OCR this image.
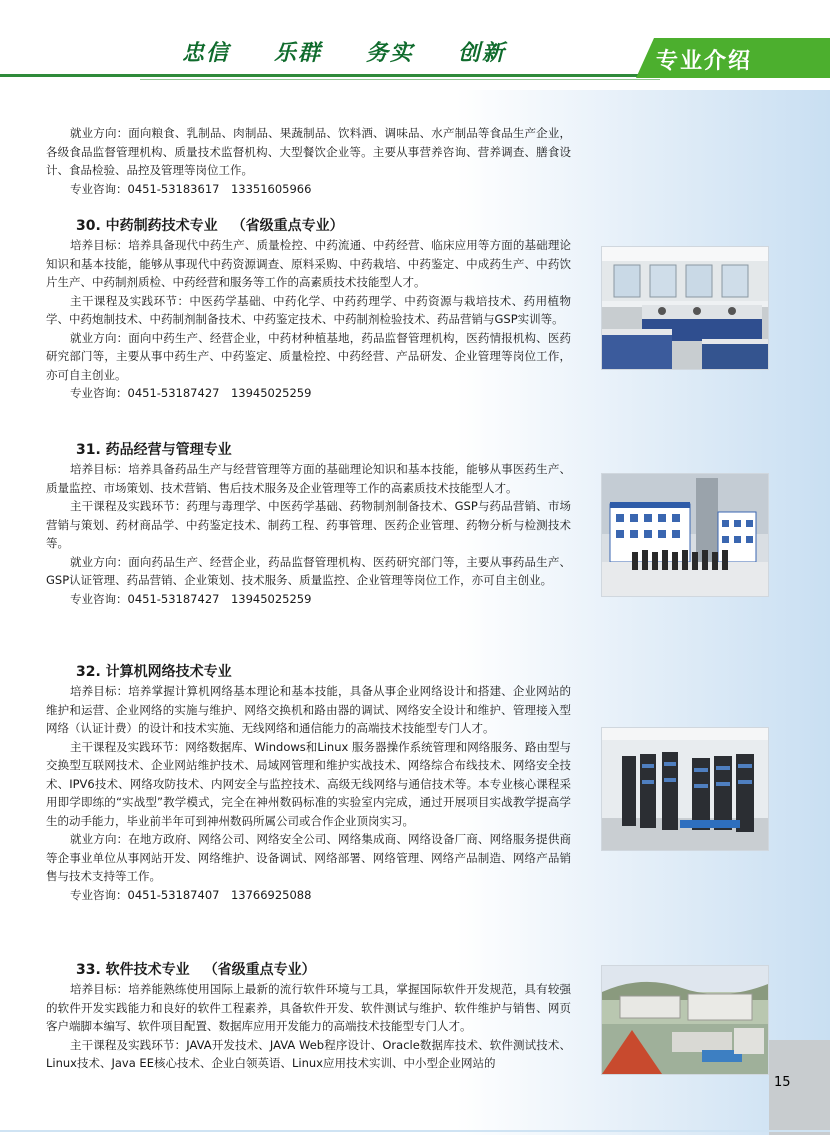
忠信 乐群 务实 创新	专业介绍

就业方向：面向粮食、乳制品、肉制品、果蔬制品、饮料酒、调味品、水产制品等食品生产企业，各级食品监督管理机构、质量技术监督机构、大型餐饮企业等。主要从事营养咨询、营养调查、膳食设计、食品检验、品控及管理等岗位工作。

专业咨询：0451-53183617　13351605966

30. 中药制药技术专业 （省级重点专业）

培养目标：培养具备现代中药生产、质量检控、中药流通、中药经营、临床应用等方面的基础理论知识和基本技能，能够从事现代中药资源调查、原料采购、中药栽培、中药鉴定、中成药生产、中药饮片生产、中药制剂质检、中药经营和服务等工作的高素质技术技能型人才。

主干课程及实践环节：中医药学基础、中药化学、中药药理学、中药资源与栽培技术、药用植物学、中药炮制技术、中药制剂制备技术、中药鉴定技术、中药制剂检验技术、药品营销与GSP实训等。

就业方向：面向中药生产、经营企业，中药材种植基地，药品监督管理机构，医药情报机构、医药研究部门等，主要从事中药生产、中药鉴定、质量检控、中药经营、产品研发、企业管理等岗位工作，亦可自主创业。

专业咨询：0451-53187427　13945025259

31. 药品经营与管理专业

培养目标：培养具备药品生产与经营管理等方面的基础理论知识和基本技能，能够从事医药生产、质量监控、市场策划、技术营销、售后技术服务及企业管理等工作的高素质技术技能型人才。

主干课程及实践环节：药理与毒理学、中医药学基础、药物制剂制备技术、GSP与药品营销、市场营销与策划、药材商品学、中药鉴定技术、制药工程、药事管理、医药企业管理、药物分析与检测技术等。

就业方向：面向药品生产、经营企业，药品监督管理机构、医药研究部门等，主要从事药品生产、GSP认证管理、药品营销、企业策划、技术服务、质量监控、企业管理等岗位工作，亦可自主创业。

专业咨询：0451-53187427　13945025259

32. 计算机网络技术专业

培养目标：培养掌握计算机网络基本理论和基本技能，具备从事企业网络设计和搭建、企业网站的维护和运营、企业网络的实施与维护、网络交换机和路由器的调试、网络安全设计和维护、管理接入型网络（认证计费）的设计和技术实施、无线网络和通信能力的高端技术技能型专门人才。

主干课程及实践环节：网络数据库、Windows和Linux 服务器操作系统管理和网络服务、路由型与交换型互联网技术、企业网站维护技术、局域网管理和维护实战技术、网络综合布线技术、网络安全技术、IPV6技术、网络攻防技术、内网安全与监控技术、高级无线网络与通信技术等。本专业核心课程采用即学即练的“实战型”教学模式，完全在神州数码标准的实验室内完成，通过开展项目实战教学提高学生的动手能力，毕业前半年可到神州数码所属公司或合作企业顶岗实习。

就业方向：在地方政府、网络公司、网络安全公司、网络集成商、网络设备厂商、网络服务提供商等企事业单位从事网站开发、网络维护、设备调试、网络部署、网络管理、网络产品制造、网络产品销售与技术支持等工作。

专业咨询：0451-53187407　13766925088

33. 软件技术专业 （省级重点专业）

培养目标：培养能熟练使用国际上最新的流行软件环境与工具，掌握国际软件开发规范，具有较强的软件开发实践能力和良好的软件工程素养，具备软件开发、软件测试与维护、软件维护与销售、网页客户端脚本编写、软件项目配置、数据库应用开发能力的高端技术技能型专门人才。

主干课程及实践环节：JAVA开发技术、JAVA Web程序设计、Oracle数据库技术、软件测试技术、Linux技术、Java EE核心技术、企业白领英语、Linux应用技术实训、中小型企业网站的

15
